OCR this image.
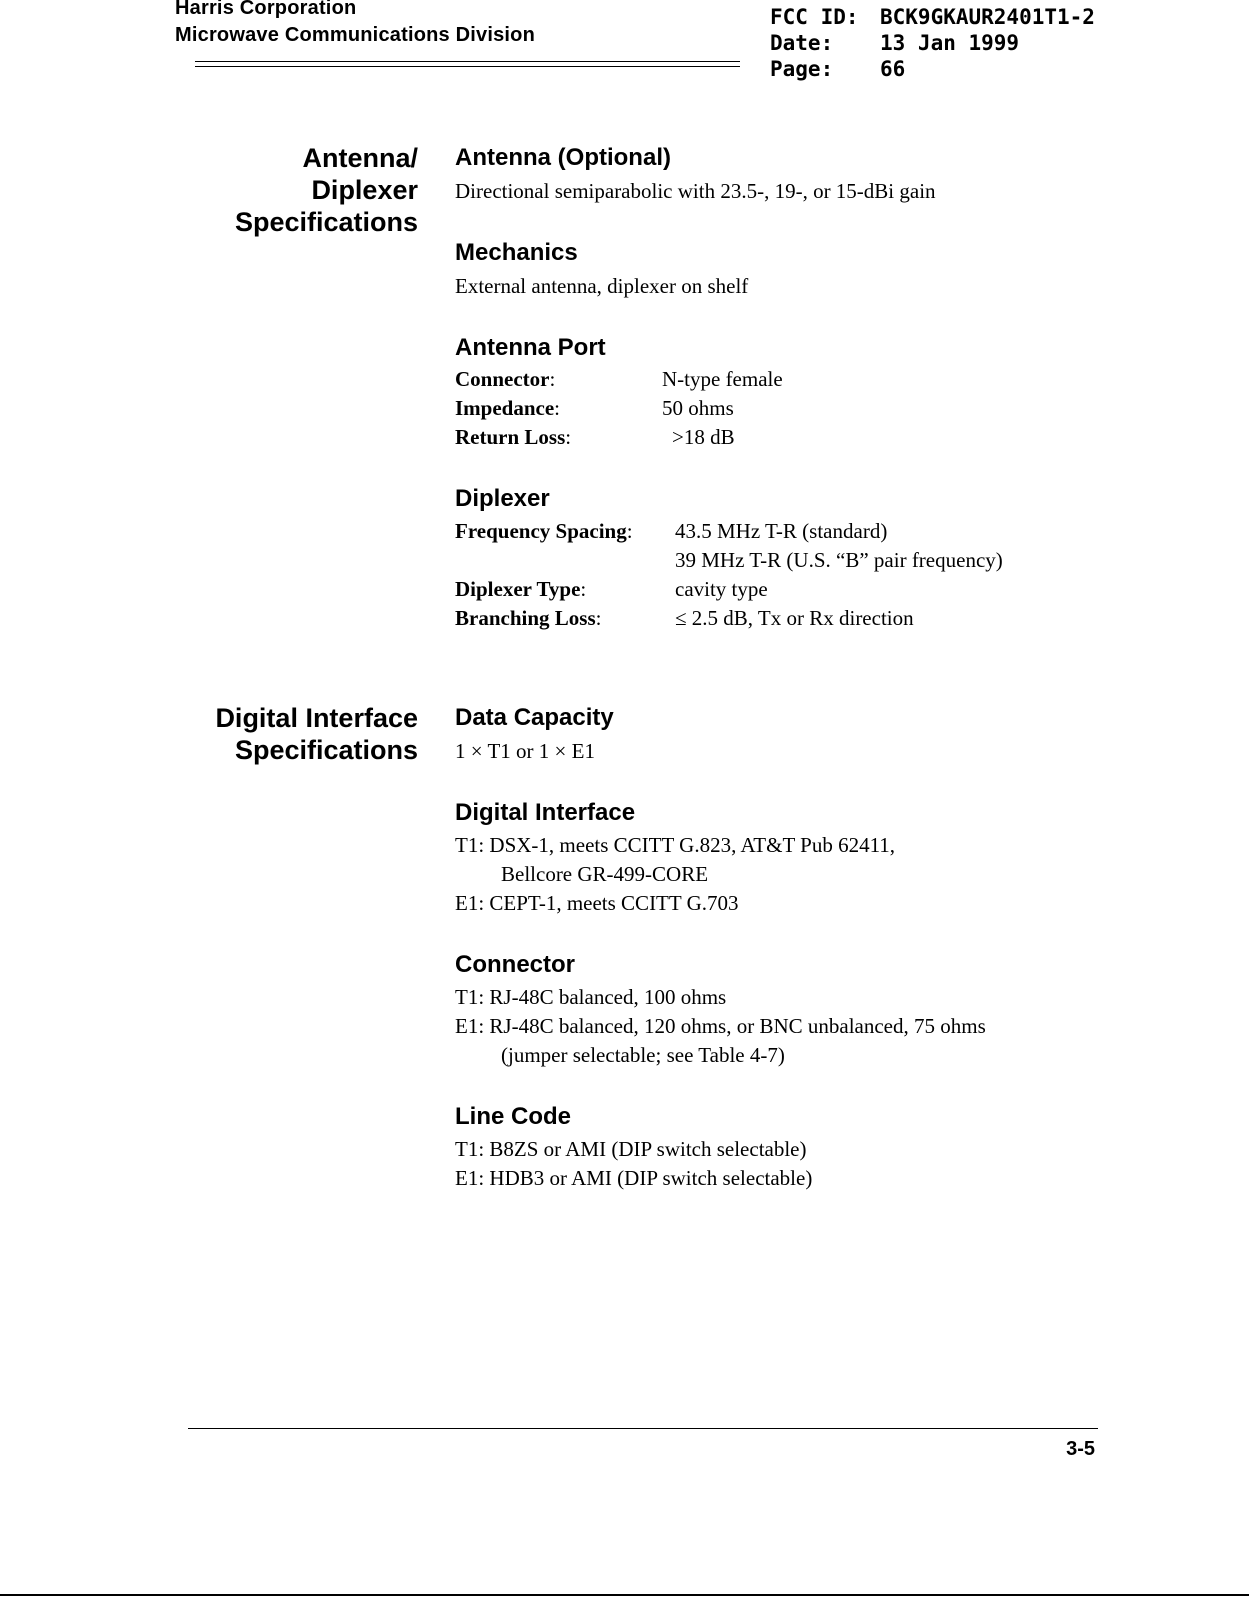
Harris Corporation
Microwave Communications Division
FCC ID: BCK9GKAUR2401T1-2
Date: 13 Jan 1999
Page: 66
Antenna/
Diplexer
Specifications
Antenna (Optional)
Directional semiparabolic with 23.5-, 19-, or 15-dBi gain
Mechanics
External antenna, diplexer on shelf
Antenna Port
Connector:	N-type female
Impedance:	50 ohms
Return Loss:	>18 dB
Diplexer
Frequency Spacing: 43.5 MHz T-R (standard)
39 MHz T-R (U.S. “B” pair frequency)
Diplexer Type:	cavity type
Branching Loss:	≤ 2.5 dB, Tx or Rx direction
Digital Interface
Specifications
Data Capacity
1 × T1 or 1 × E1
Digital Interface
T1: DSX-1, meets CCITT G.823, AT&T Pub 62411,
Bellcore GR-499-CORE
E1: CEPT-1, meets CCITT G.703
Connector
T1: RJ-48C balanced, 100 ohms
E1: RJ-48C balanced, 120 ohms, or BNC unbalanced, 75 ohms
(jumper selectable; see Table 4-7)
Line Code
T1: B8ZS or AMI (DIP switch selectable)
E1: HDB3 or AMI (DIP switch selectable)
3-5
